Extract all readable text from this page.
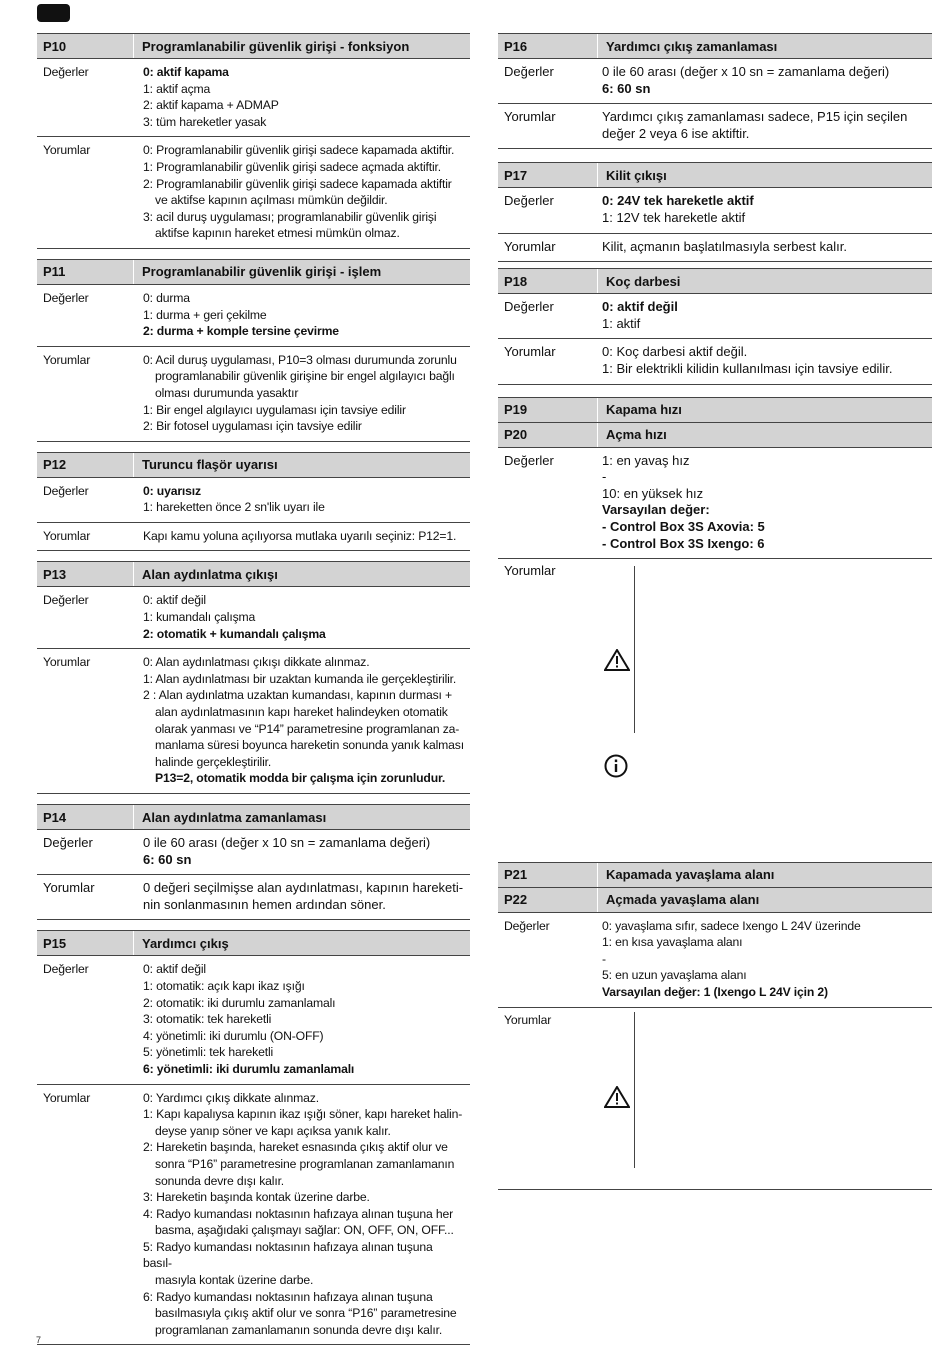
P10	Programlanabilir güvenlik girişi - fonksiyon
Değerler	0: aktif kapama
1: aktif açma
2: aktif kapama + ADMAP
3: tüm hareketler yasak
Yorumlar	0: Programlanabilir güvenlik girişi sadece kapamada aktiftir.
1: Programlanabilir güvenlik girişi sadece açmada aktiftir.
2: Programlanabilir güvenlik girişi sadece kapamada aktiftir
ve aktifse kapının açılması mümkün değildir.
3: acil duruş uygulaması; programlanabilir güvenlik girişi
aktifse kapının hareket etmesi mümkün olmaz.
P11	Programlanabilir güvenlik girişi - işlem
Değerler	0: durma
1: durma + geri çekilme
2: durma + komple tersine çevirme
Yorumlar	0: Acil duruş uygulaması, P10=3 olması durumunda zorunlu
programlanabilir güvenlik girişine bir engel algılayıcı bağlı
olması durumunda yasaktır
1: Bir engel algılayıcı uygulaması için tavsiye edilir
2: Bir fotosel uygulaması için tavsiye edilir
P12	Turuncu flaşör uyarısı
Değerler	0: uyarısız
1: hareketten önce 2 sn'lik uyarı ile
Yorumlar	Kapı kamu yoluna açılıyorsa mutlaka uyarılı seçiniz: P12=1.
P13	Alan aydınlatma çıkışı
Değerler	0: aktif değil
1: kumandalı çalışma
2: otomatik + kumandalı çalışma
Yorumlar	0: Alan aydınlatması çıkışı dikkate alınmaz.
1: Alan aydınlatması bir uzaktan kumanda ile gerçekleştirilir.
2 : Alan aydınlatma uzaktan kumandası, kapının durması +
alan aydınlatmasının kapı hareket halindeyken otomatik
olarak yanması ve “P14” parametresine programlanan za-
manlama süresi boyunca hareketin sonunda yanık kalması
halinde gerçekleştirilir.
P13=2, otomatik modda bir çalışma için zorunludur.
P14	Alan aydınlatma zamanlaması
Değerler	0 ile 60 arası (değer x 10 sn = zamanlama değeri)
6: 60 sn
Yorumlar	0 değeri seçilmişse alan aydınlatması, kapının hareketi-
nin sonlanmasının hemen ardından söner.
P15	Yardımcı çıkış
Değerler	0: aktif değil
1: otomatik: açık kapı ikaz ışığı
2: otomatik: iki durumlu zamanlamalı
3: otomatik: tek hareketli
4: yönetimli: iki durumlu (ON-OFF)
5: yönetimli: tek hareketli
6: yönetimli: iki durumlu zamanlamalı
Yorumlar	0: Yardımcı çıkış dikkate alınmaz.
1: Kapı kapalıysa kapının ikaz ışığı söner, kapı hareket halin-
deyse yanıp söner ve kapı açıksa yanık kalır.
2: Hareketin başında, hareket esnasında çıkış aktif olur ve
sonra “P16” parametresine programlanan zamanlamanın
sonunda devre dışı kalır.
3: Hareketin başında kontak üzerine darbe.
4: Radyo kumandası noktasının hafızaya alınan tuşuna her
basma, aşağıdaki çalışmayı sağlar: ON, OFF, ON, OFF...
5: Radyo kumandası noktasının hafızaya alınan tuşuna basıl-
masıyla kontak üzerine darbe.
6: Radyo kumandası noktasının hafızaya alınan tuşuna
basılmasıyla çıkış aktif olur ve sonra “P16” parametresine
programlanan zamanlamanın sonunda devre dışı kalır.
P16	Yardımcı çıkış zamanlaması
Değerler	0 ile 60 arası (değer x 10 sn = zamanlama değeri)
6: 60 sn
Yorumlar	Yardımcı çıkış zamanlaması sadece, P15 için seçilen
değer 2 veya 6 ise aktiftir.
P17	Kilit çıkışı
Değerler	0: 24V tek hareketle aktif
1: 12V tek hareketle aktif
Yorumlar	Kilit, açmanın başlatılmasıyla serbest kalır.
P18	Koç darbesi
Değerler	0: aktif değil
1: aktif
Yorumlar	0: Koç darbesi aktif değil.
1: Bir elektrikli kilidin kullanılması için tavsiye edilir.
P19	Kapama hızı
P20	Açma hızı
Değerler	1: en yavaş hız
-
10: en yüksek hız
Varsayılan değer:
- Control Box 3S Axovia: 5
- Control Box 3S Ixengo: 6
Yorumlar
P21	Kapamada yavaşlama alanı
P22	Açmada yavaşlama alanı
Değerler	0: yavaşlama sıfır, sadece Ixengo L 24V üzerinde
1: en kısa yavaşlama alanı
-
5: en uzun yavaşlama alanı
Varsayılan değer: 1 (Ixengo L 24V için 2)
Yorumlar
7
